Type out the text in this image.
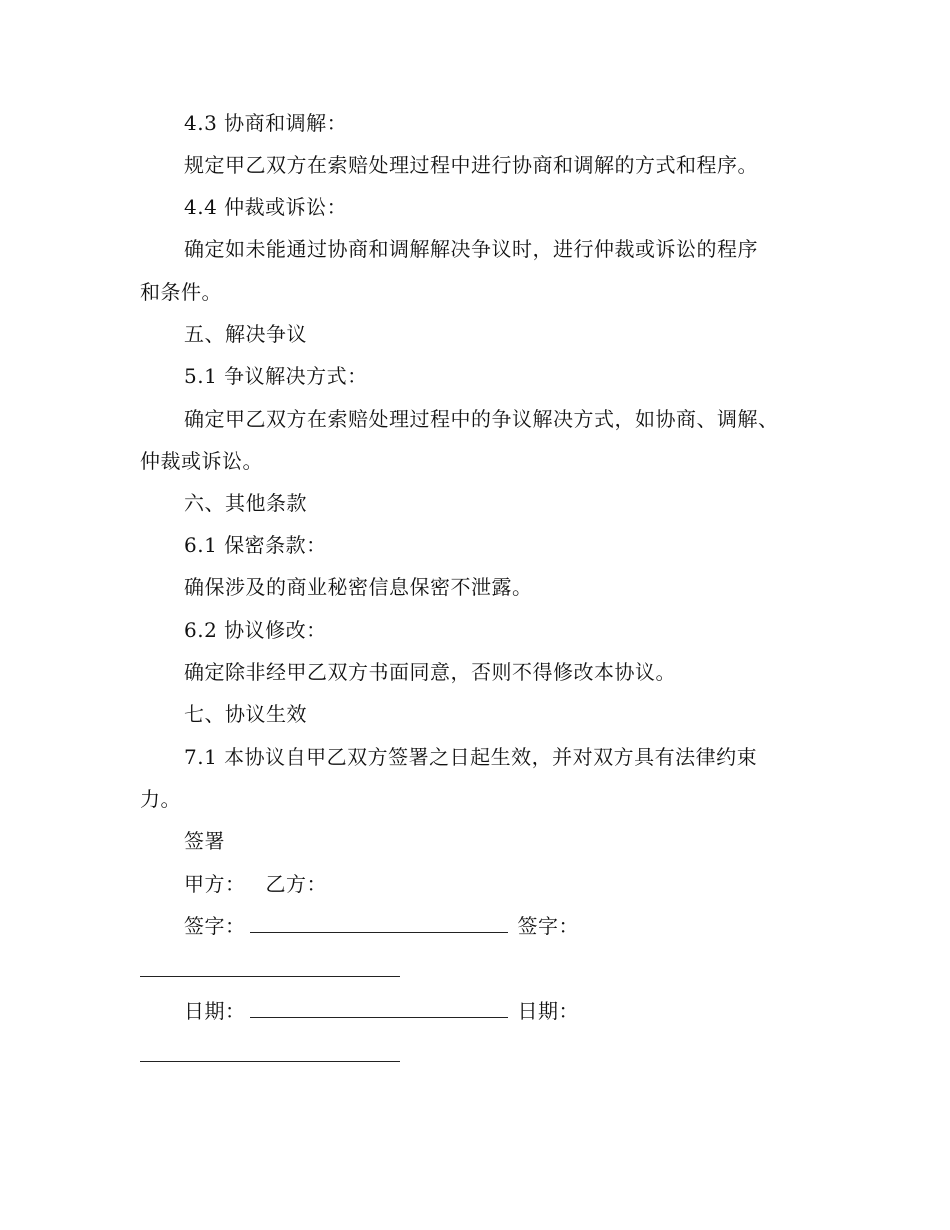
4.3 协商和调解：
规定甲乙双方在索赔处理过程中进行协商和调解的方式和程序。
4.4 仲裁或诉讼：
确定如未能通过协商和调解解决争议时，进行仲裁或诉讼的程序
和条件。
五、解决争议
5.1 争议解决方式：
确定甲乙双方在索赔处理过程中的争议解决方式，如协商、调解、
仲裁或诉讼。
六、其他条款
6.1 保密条款：
确保涉及的商业秘密信息保密不泄露。
6.2 协议修改：
确定除非经甲乙双方书面同意，否则不得修改本协议。
七、协议生效
7.1 本协议自甲乙双方签署之日起生效，并对双方具有法律约束
力。
签署
甲方： 乙方：
签字：	签字：
日期：	日期：
